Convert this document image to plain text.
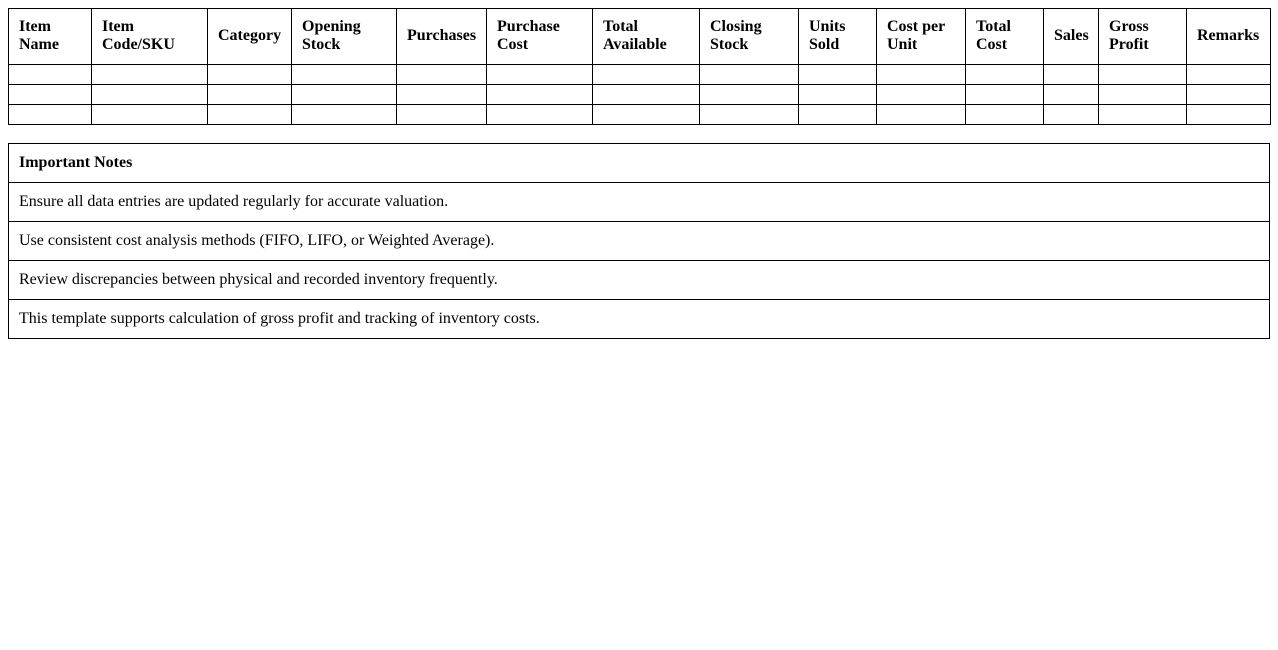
Item Name	Item Code/SKU	Category	Opening Stock	Purchases	Purchase Cost	Total Available	Closing Stock	Units Sold	Cost per Unit	Total Cost	Sales	Gross Profit	Remarks

Important Notes
Ensure all data entries are updated regularly for accurate valuation.
Use consistent cost analysis methods (FIFO, LIFO, or Weighted Average).
Review discrepancies between physical and recorded inventory frequently.
This template supports calculation of gross profit and tracking of inventory costs.
